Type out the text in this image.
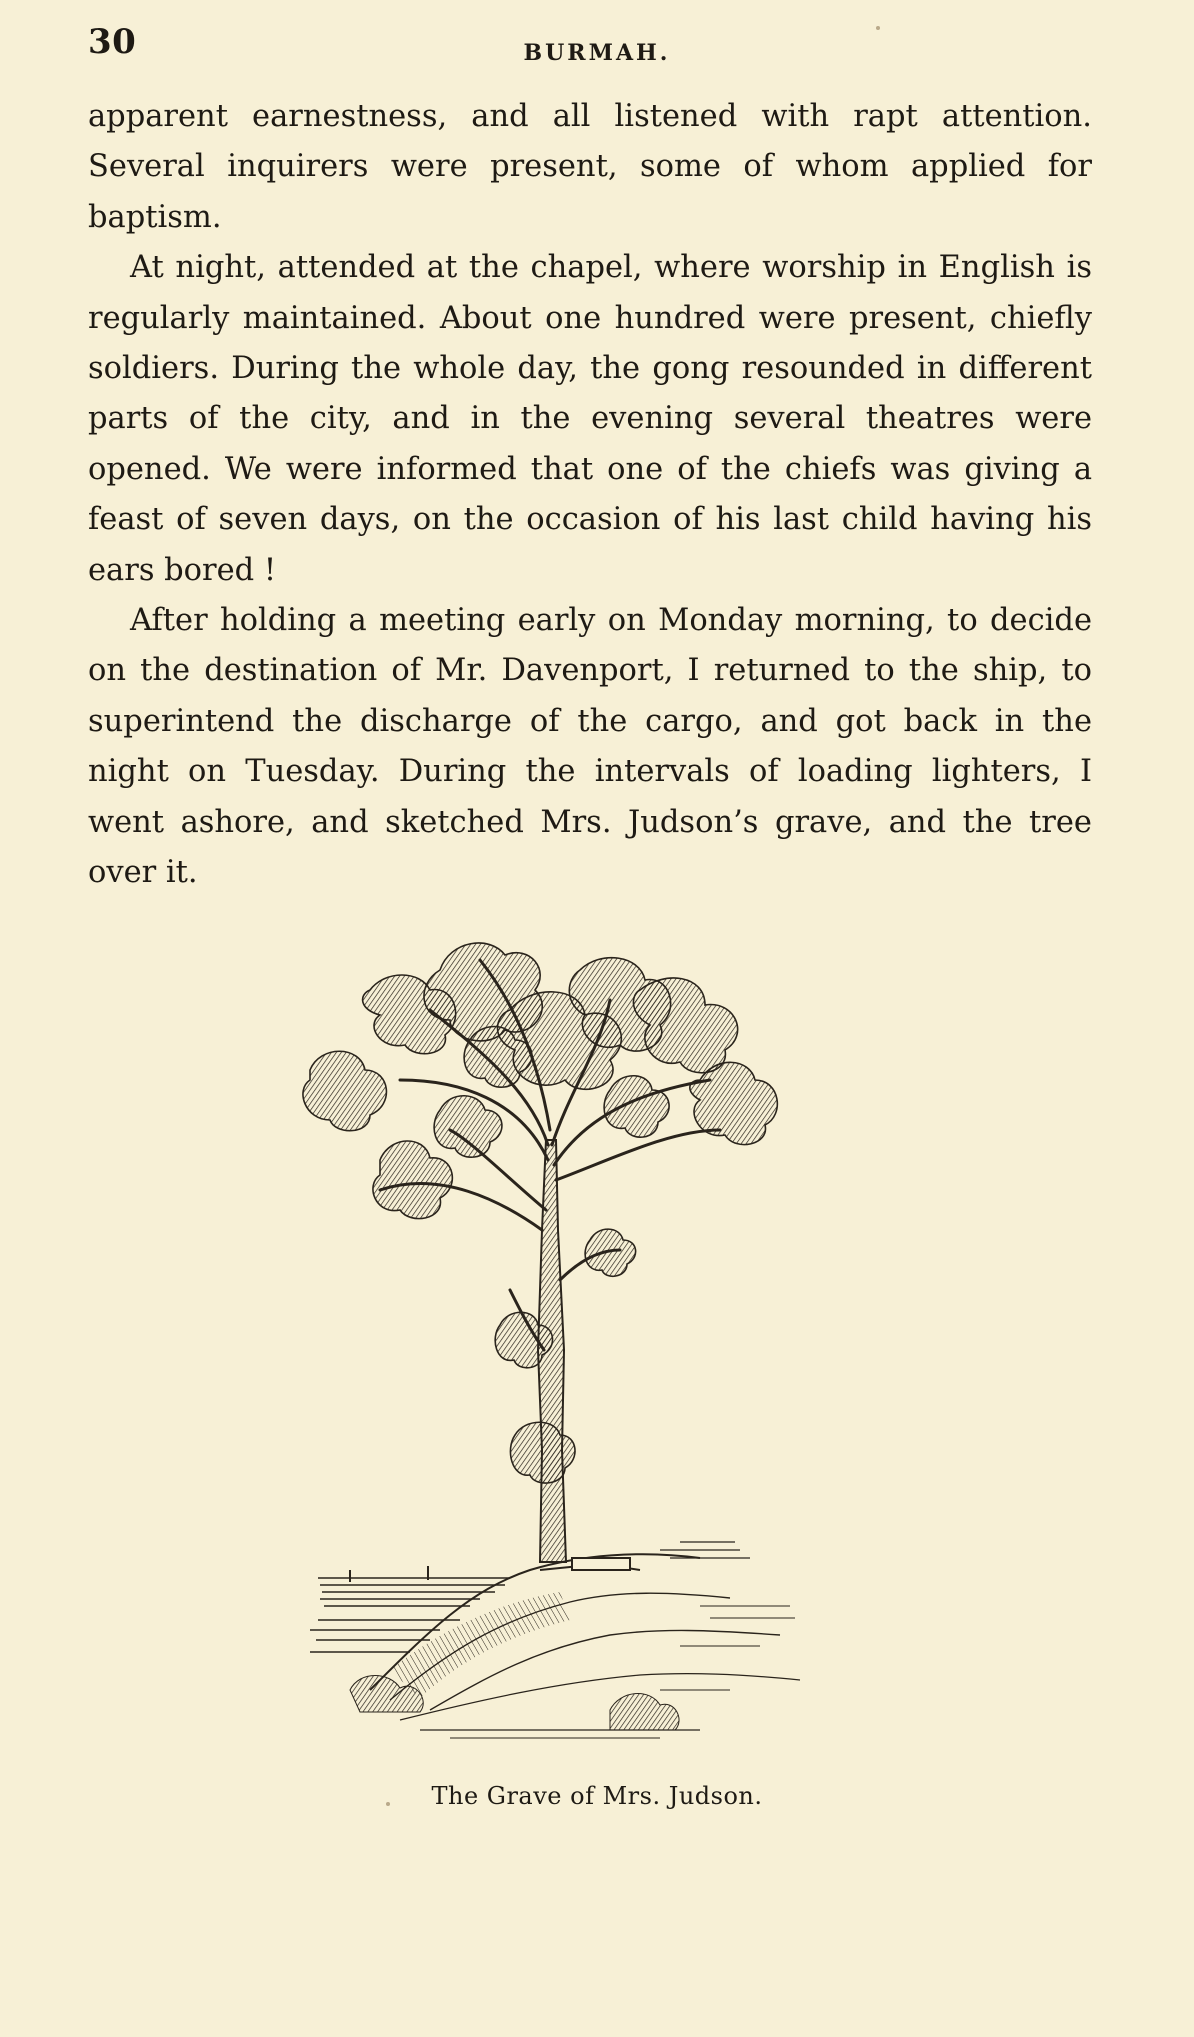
30	BURMAH.

apparent earnestness, and all listened with rapt attention. Several inquirers were present, some of whom applied for baptism.

At night, attended at the chapel, where worship in English is regularly maintained. About one hundred were present, chiefly soldiers. During the whole day, the gong resounded in different parts of the city, and in the evening several theatres were opened. We were informed that one of the chiefs was giving a feast of seven days, on the occasion of his last child having his ears bored !

After holding a meeting early on Monday morning, to decide on the destination of Mr. Davenport, I returned to the ship, to superintend the discharge of the cargo, and got back in the night on Tuesday. During the intervals of loading lighters, I went ashore, and sketched Mrs. Judson’s grave, and the tree over it.

The Grave of Mrs. Judson.
